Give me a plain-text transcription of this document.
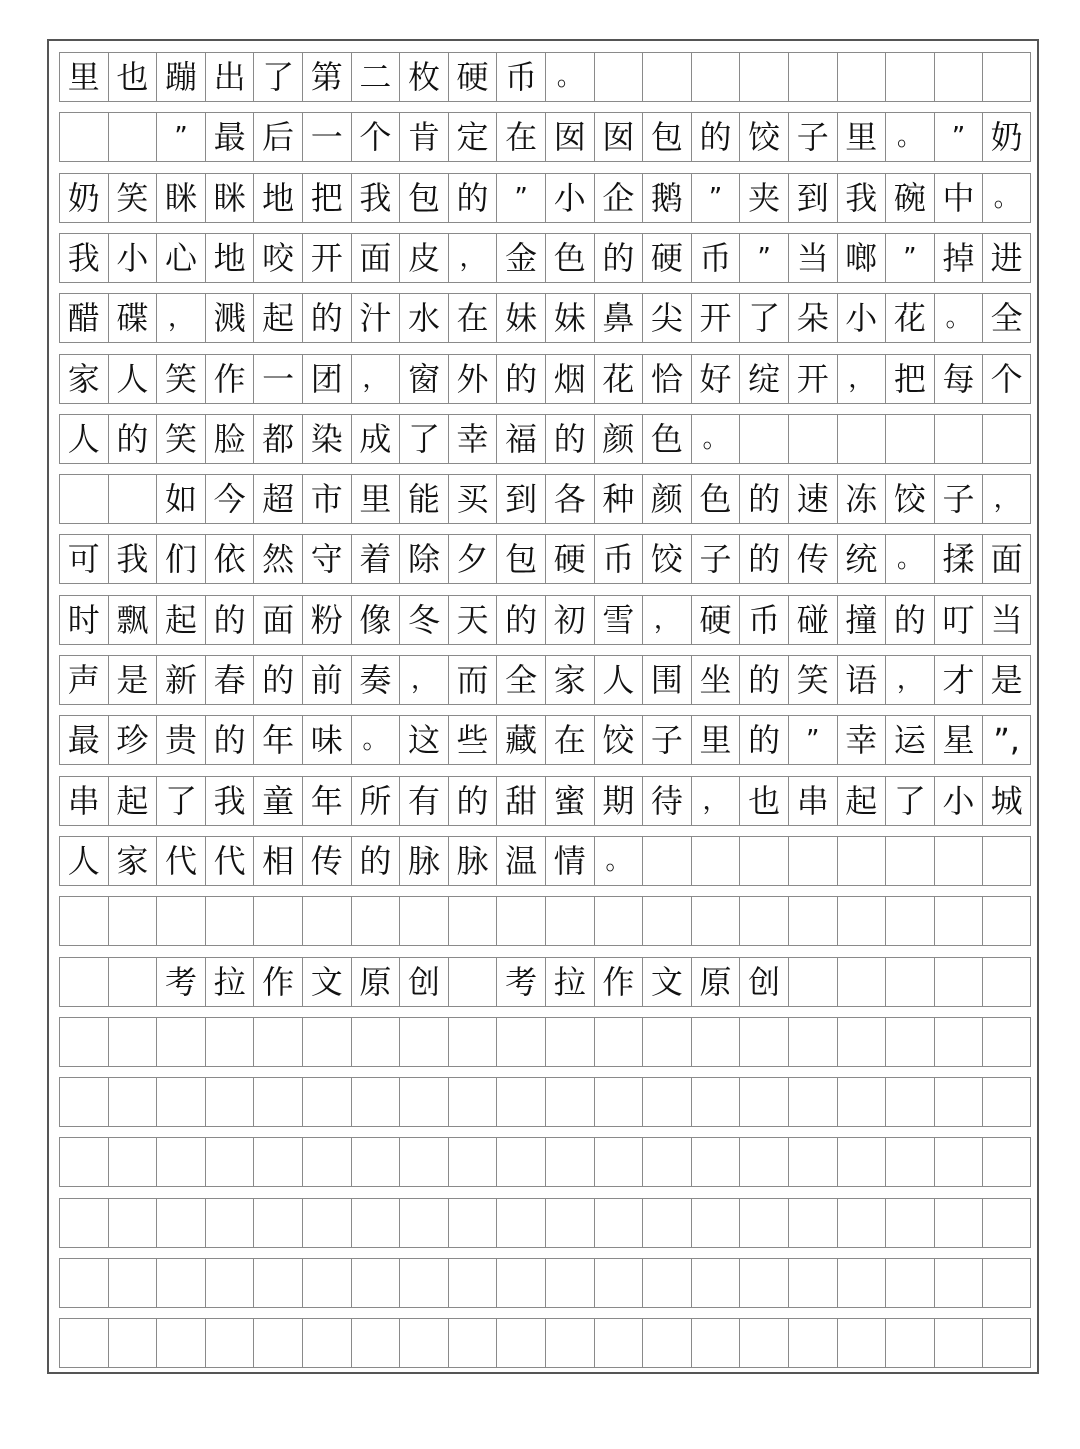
里 也 蹦 出 了 第 二 枚 硬 币 。
” 最 后 一 个 肯 定 在 囡 囡 包 的 饺 子 里 。	” 奶
奶 笑 眯 眯 地 把 我 包 的 ” 小 企 鹅 ” 夹 到 我 碗 中 。
我 小 心 地 咬 开 面 皮 ， 金 色 的 硬 币 ” 当 啷 ” 掉 进
醋 碟 ， 溅 起 的 汁 水 在 妹 妹 鼻 尖 开 了 朵 小 花 。 全
家 人 笑 作 一 团 ， 窗 外 的 烟 花 恰 好 绽 开 ， 把 每 个
人 的 笑 脸 都 染 成 了 幸 福 的 颜 色 。
如 今 超 市 里 能 买 到 各 种 颜 色 的 速 冻 饺 子 ，
可 我 们 依 然 守 着 除 夕 包 硬 币 饺 子 的 传 统 。 揉 面
时 飘 起 的 面 粉 像 冬 天 的 初 雪 ， 硬 币 碰 撞 的 叮 当
声 是 新 春 的 前 奏 ， 而 全 家 人 围 坐 的 笑 语 ， 才 是
最 珍 贵 的 年 味 。 这 些 藏 在 饺 子 里 的 ” 幸 运 星 ”,
串 起 了 我 童 年 所 有 的 甜 蜜 期 待 ， 也 串 起 了 小 城
人 家 代 代 相 传 的 脉 脉 温 情 。
考 拉 作 文 原 创 考 拉 作 文 原 创
